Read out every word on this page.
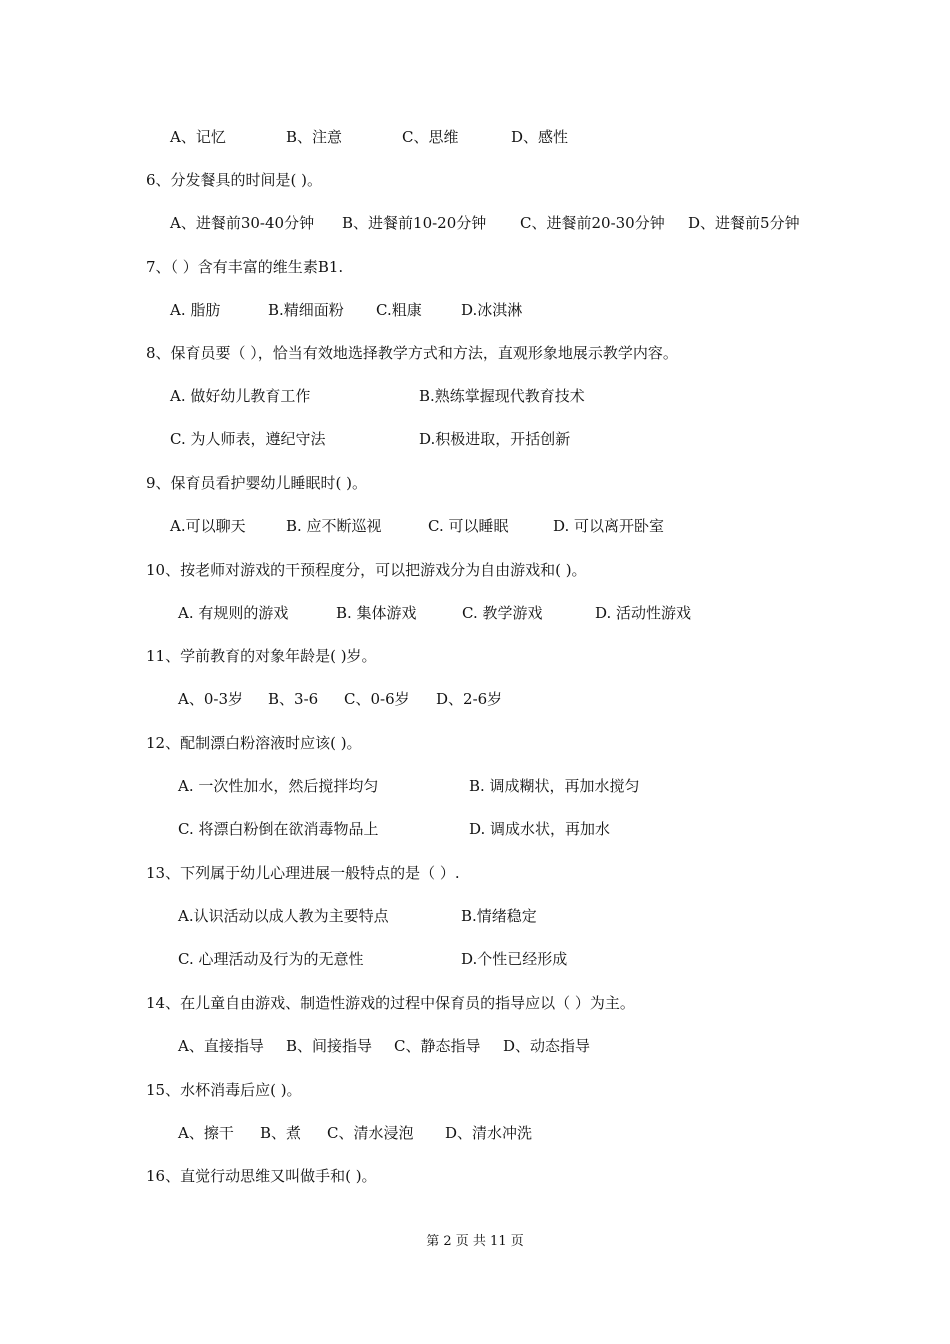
A、记忆	B、注意	C、思维	D、感性
6、分发餐具的时间是( )。
A、进餐前30-40分钟 B、进餐前10-20分钟 C、进餐前20-30分钟 D、进餐前5分钟
7、（ ）含有丰富的维生素B1.
A. 脂肪	B.精细面粉 C.粗康	D.冰淇淋
8、保育员要（ ），恰当有效地选择教学方式和方法，直观形象地展示教学内容。
A. 做好幼儿教育工作	B.熟练掌握现代教育技术
C. 为人师表，遵纪守法	D.积极进取，开括创新
9、保育员看护婴幼儿睡眠时( )。
A.可以聊天	B. 应不断巡视	C. 可以睡眠	D. 可以离开卧室
10、按老师对游戏的干预程度分，可以把游戏分为自由游戏和( )。
A. 有规则的游戏	B. 集体游戏	C. 教学游戏	D. 活动性游戏
11、学前教育的对象年龄是( )岁。
A、0-3岁 B、3-6 C、0-6岁 D、2-6岁
12、配制漂白粉溶液时应该( )。
A. 一次性加水，然后搅拌均匀	B. 调成糊状，再加水搅匀
C. 将漂白粉倒在欲消毒物品上	D. 调成水状，再加水
13、下列属于幼儿心理进展一般特点的是（ ）.
A.认识活动以成人教为主要特点	B.情绪稳定
C. 心理活动及行为的无意性	D.个性已经形成
14、在儿童自由游戏、制造性游戏的过程中保育员的指导应以（ ）为主。
A、直接指导 B、间接指导 C、静态指导 D、动态指导
15、水杯消毒后应( )。
A、擦干 B、煮 C、清水浸泡 D、清水冲洗
16、直觉行动思维又叫做手和( )。
第 2 页 共 11 页
